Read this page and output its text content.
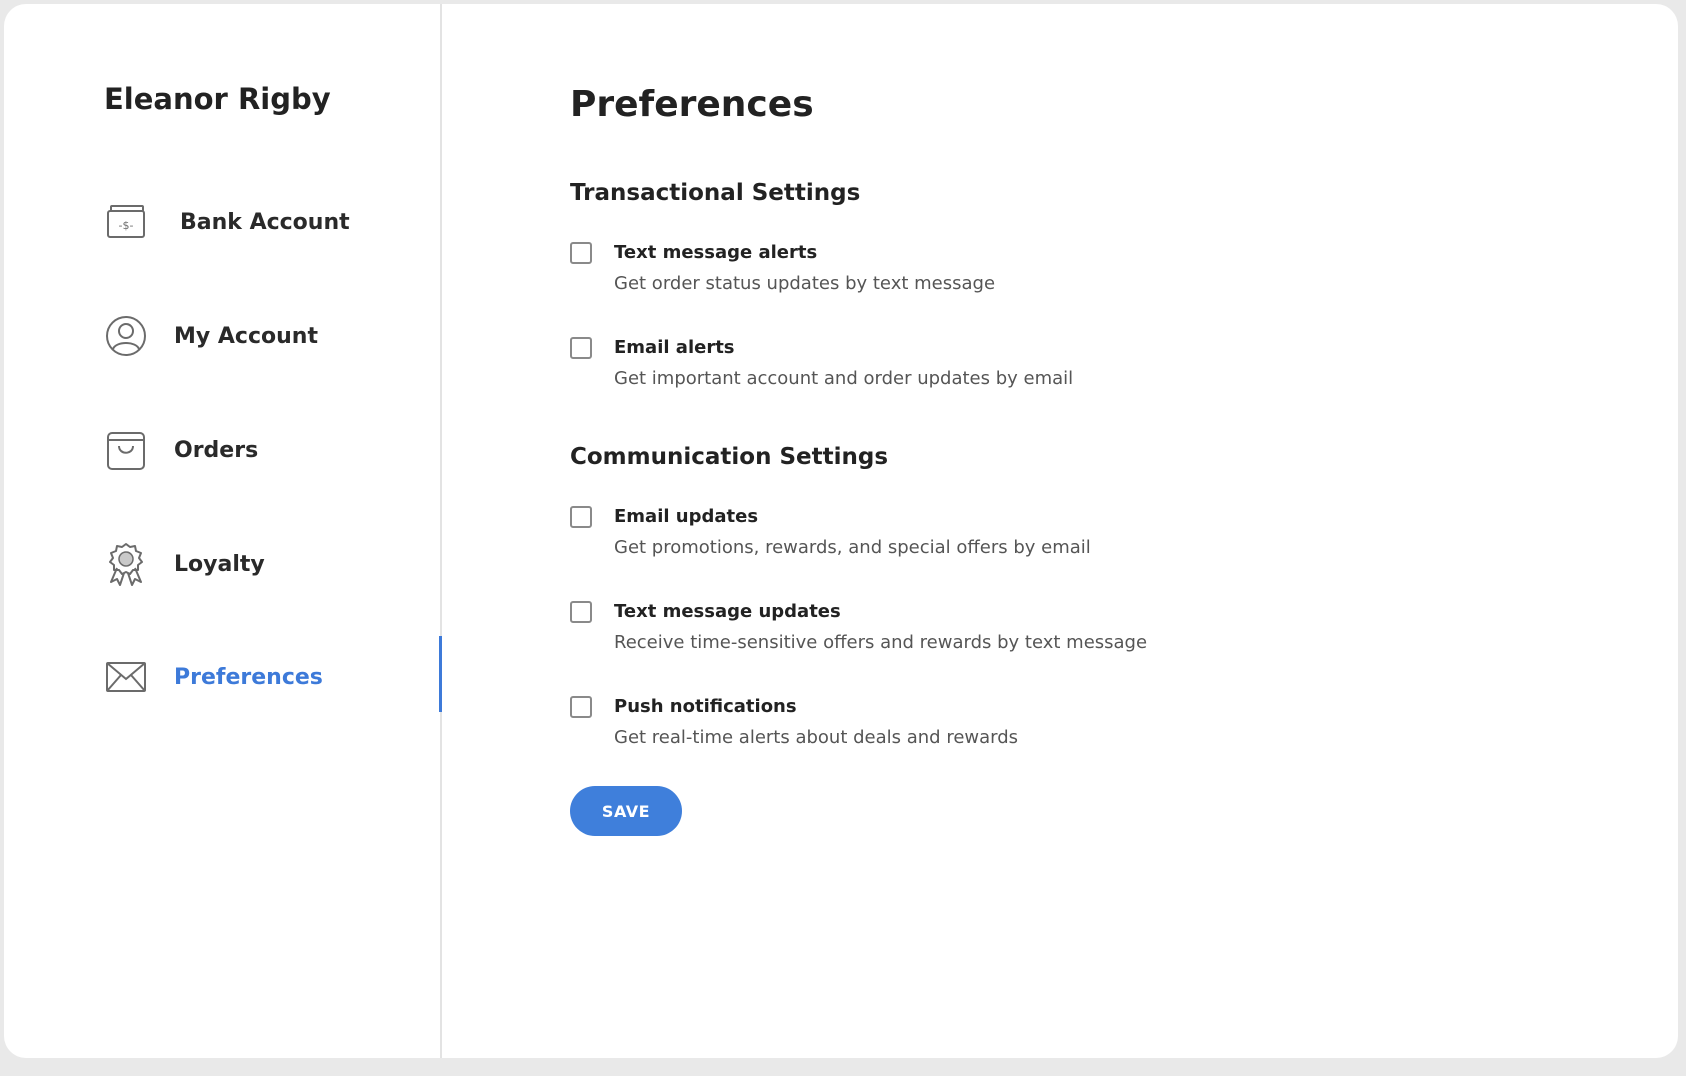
Eleanor Rigby
-$- Bank Account
My Account
Orders
Loyalty
Preferences
Preferences
Transactional Settings
Text message alerts
Get order status updates by text message
Email alerts
Get important account and order updates by email
Communication Settings
Email updates
Get promotions, rewards, and special offers by email
Text message updates
Receive time-sensitive offers and rewards by text message
Push notifications
Get real-time alerts about deals and rewards
SAVE
